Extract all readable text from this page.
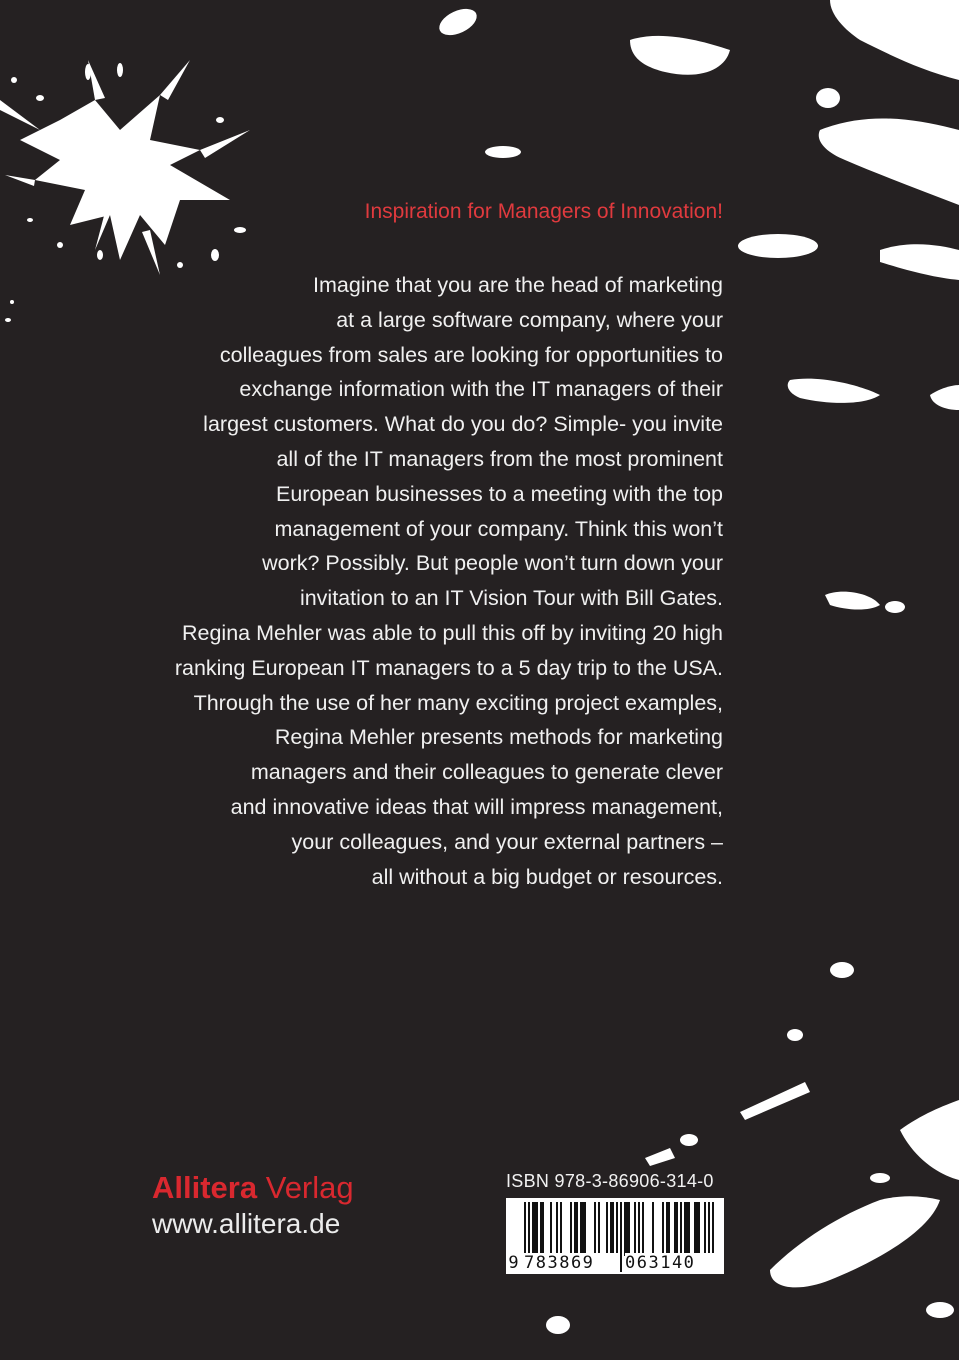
Inspiration for Managers of Innovation!

Imagine that you are the head of marketing
at a large software company, where your
colleagues from sales are looking for opportunities to
exchange information with the IT managers of their
largest customers. What do you do? Simple- you invite
all of the IT managers from the most prominent
European businesses to a meeting with the top
management of your company. Think this won’t
work? Possibly. But people won’t turn down your
invitation to an IT Vision Tour with Bill Gates.
Regina Mehler was able to pull this off by inviting 20 high
ranking European IT managers to a 5 day trip to the USA.
Through the use of her many exciting project examples,
Regina Mehler presents methods for marketing
managers and their colleagues to generate clever
and innovative ideas that will impress management,
your colleagues, and your external partners –
all without a big budget or resources.

Allitera Verlag

www.allitera.de

ISBN 978-3-86906-314-0

9 783869	063140
